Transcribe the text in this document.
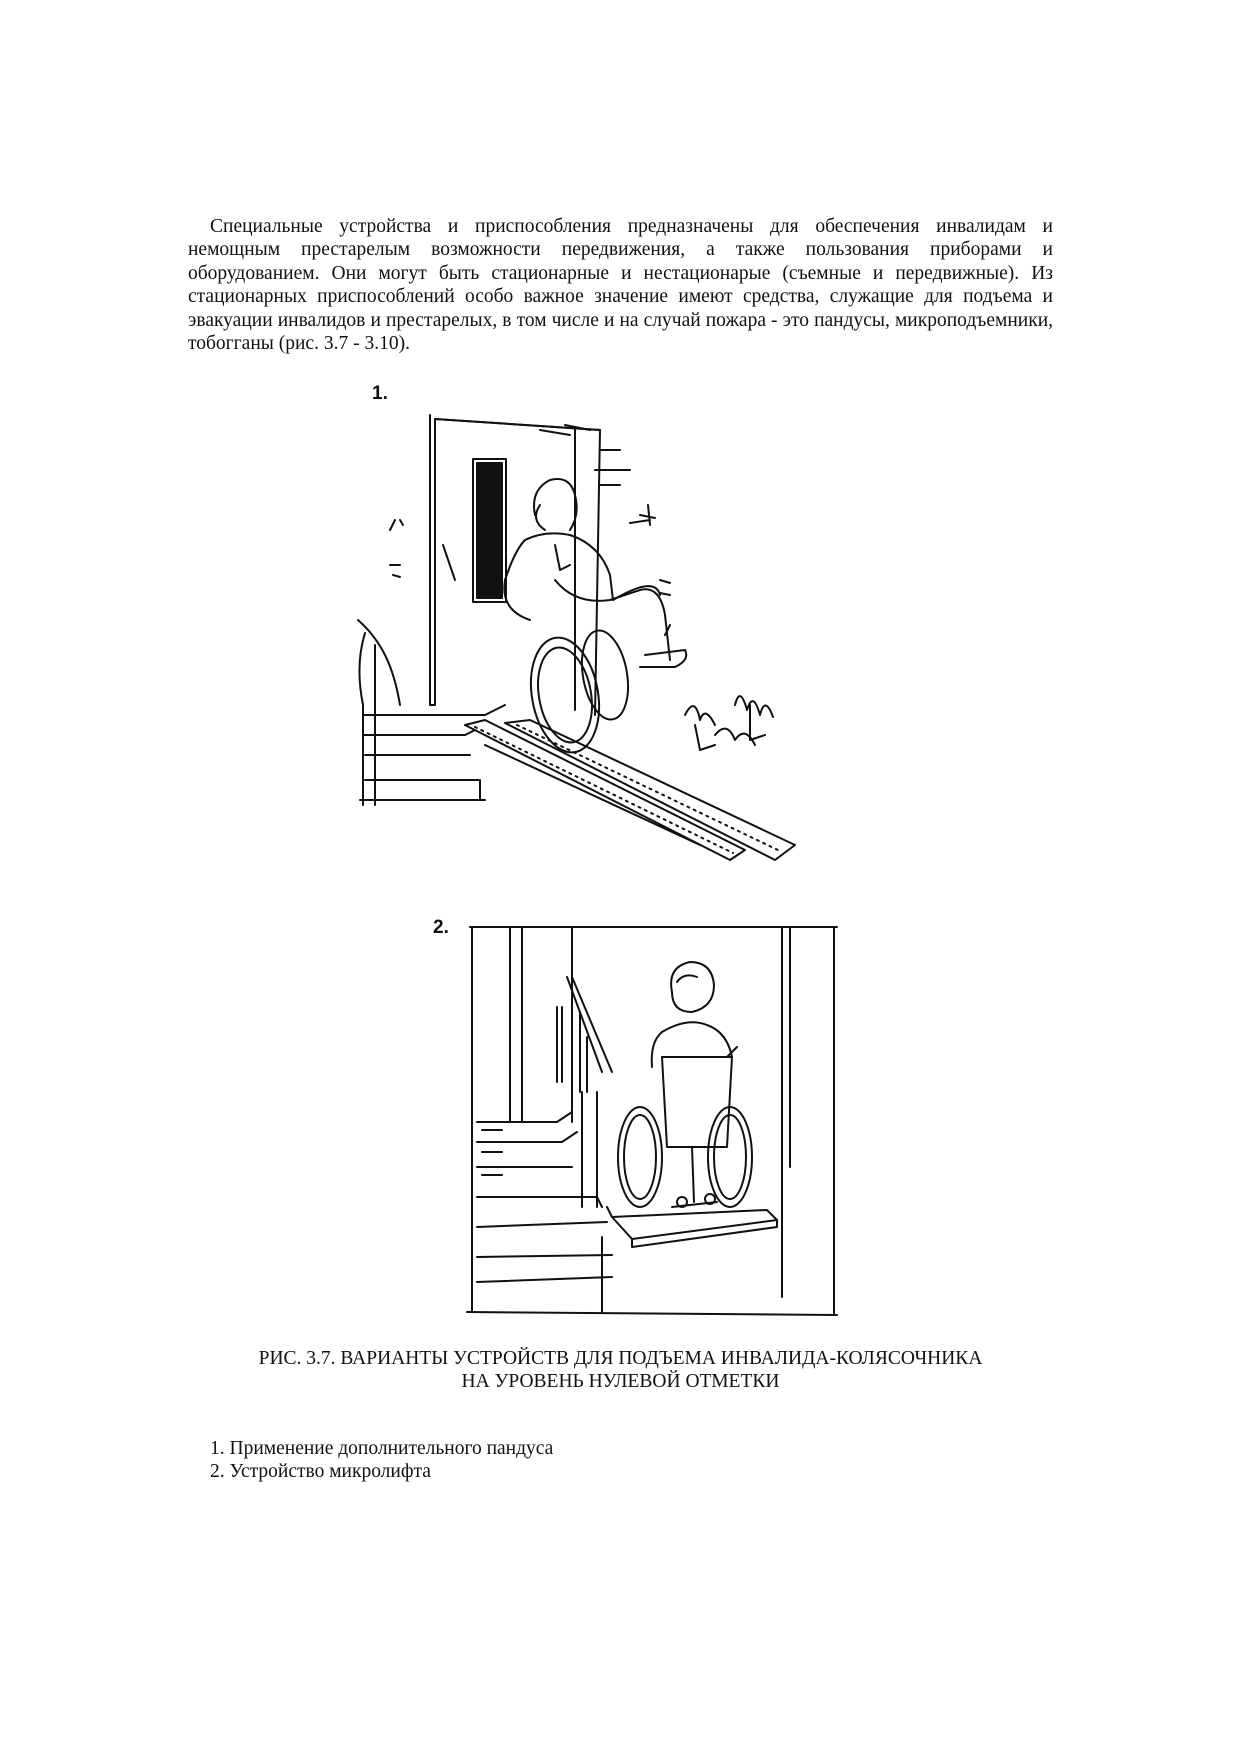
Специальные устройства и приспособления предназначены для обеспечения инвалидам и немощным престарелым возможности передвижения, а также пользования приборами и оборудованием. Они могут быть стационарные и нестационарые (съемные и передвижные). Из стационарных приспособлений особо важное значение имеют средства, служащие для подъема и эвакуации инвалидов и престарелых, в том числе и на случай пожара - это пандусы, микроподъемники, тобогганы (рис. 3.7 - 3.10).

1.
2.
РИС. 3.7. ВАРИАНТЫ УСТРОЙСТВ ДЛЯ ПОДЪЕМА ИНВАЛИДА-КОЛЯСОЧНИКА
НА УРОВЕНЬ НУЛЕВОЙ ОТМЕТКИ
1. Применение дополнительного пандуса
2. Устройство микролифта
